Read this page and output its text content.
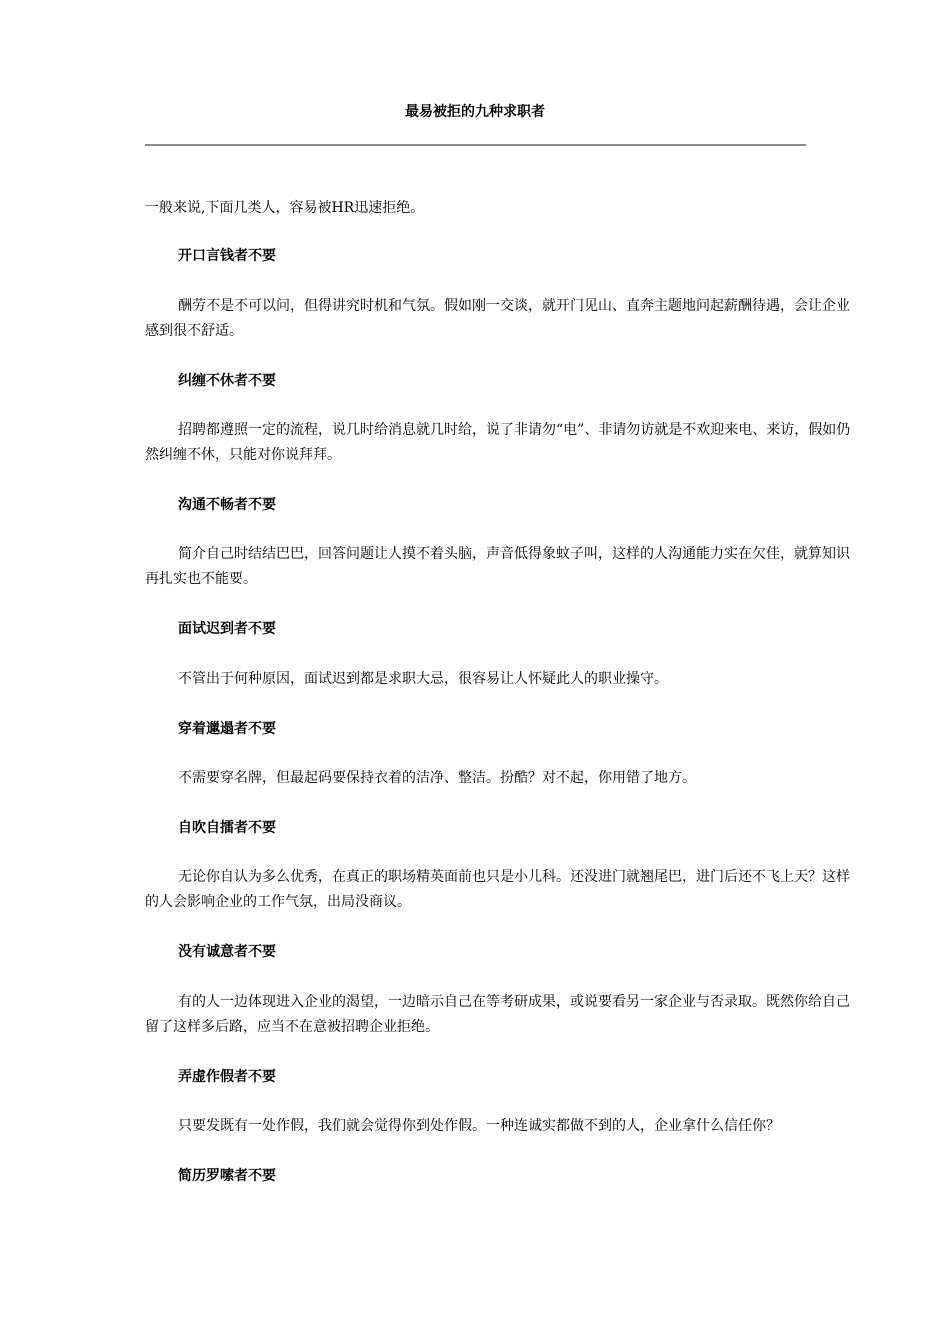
最易被拒的九种求职者

一般来说,下面几类人，容易被HR迅速拒绝。

开口言钱者不要

酬劳不是不可以问，但得讲究时机和气氛。假如刚一交谈，就开门见山、直奔主题地问起薪酬待遇，会让企业感到很不舒适。

纠缠不休者不要

招聘都遵照一定的流程，说几时给消息就几时给，说了非请勿“电”、非请勿访就是不欢迎来电、来访，假如仍然纠缠不休，只能对你说拜拜。

沟通不畅者不要

简介自己时结结巴巴，回答问题让人摸不着头脑，声音低得象蚊子叫，这样的人沟通能力实在欠佳，就算知识再扎实也不能要。

面试迟到者不要

不管出于何种原因，面试迟到都是求职大忌，很容易让人怀疑此人的职业操守。

穿着邋遢者不要

不需要穿名牌，但最起码要保持衣着的洁净、整洁。扮酷？对不起，你用错了地方。

自吹自擂者不要

无论你自认为多么优秀，在真正的职场精英面前也只是小儿科。还没进门就翘尾巴，进门后还不飞上天？这样的人会影响企业的工作气氛，出局没商议。

没有诚意者不要

有的人一边体现进入企业的渴望，一边暗示自己在等考研成果，或说要看另一家企业与否录取。既然你给自己留了这样多后路，应当不在意被招聘企业拒绝。

弄虚作假者不要

只要发既有一处作假，我们就会觉得你到处作假。一种连诚实都做不到的人，企业拿什么信任你？

简历罗嗦者不要
